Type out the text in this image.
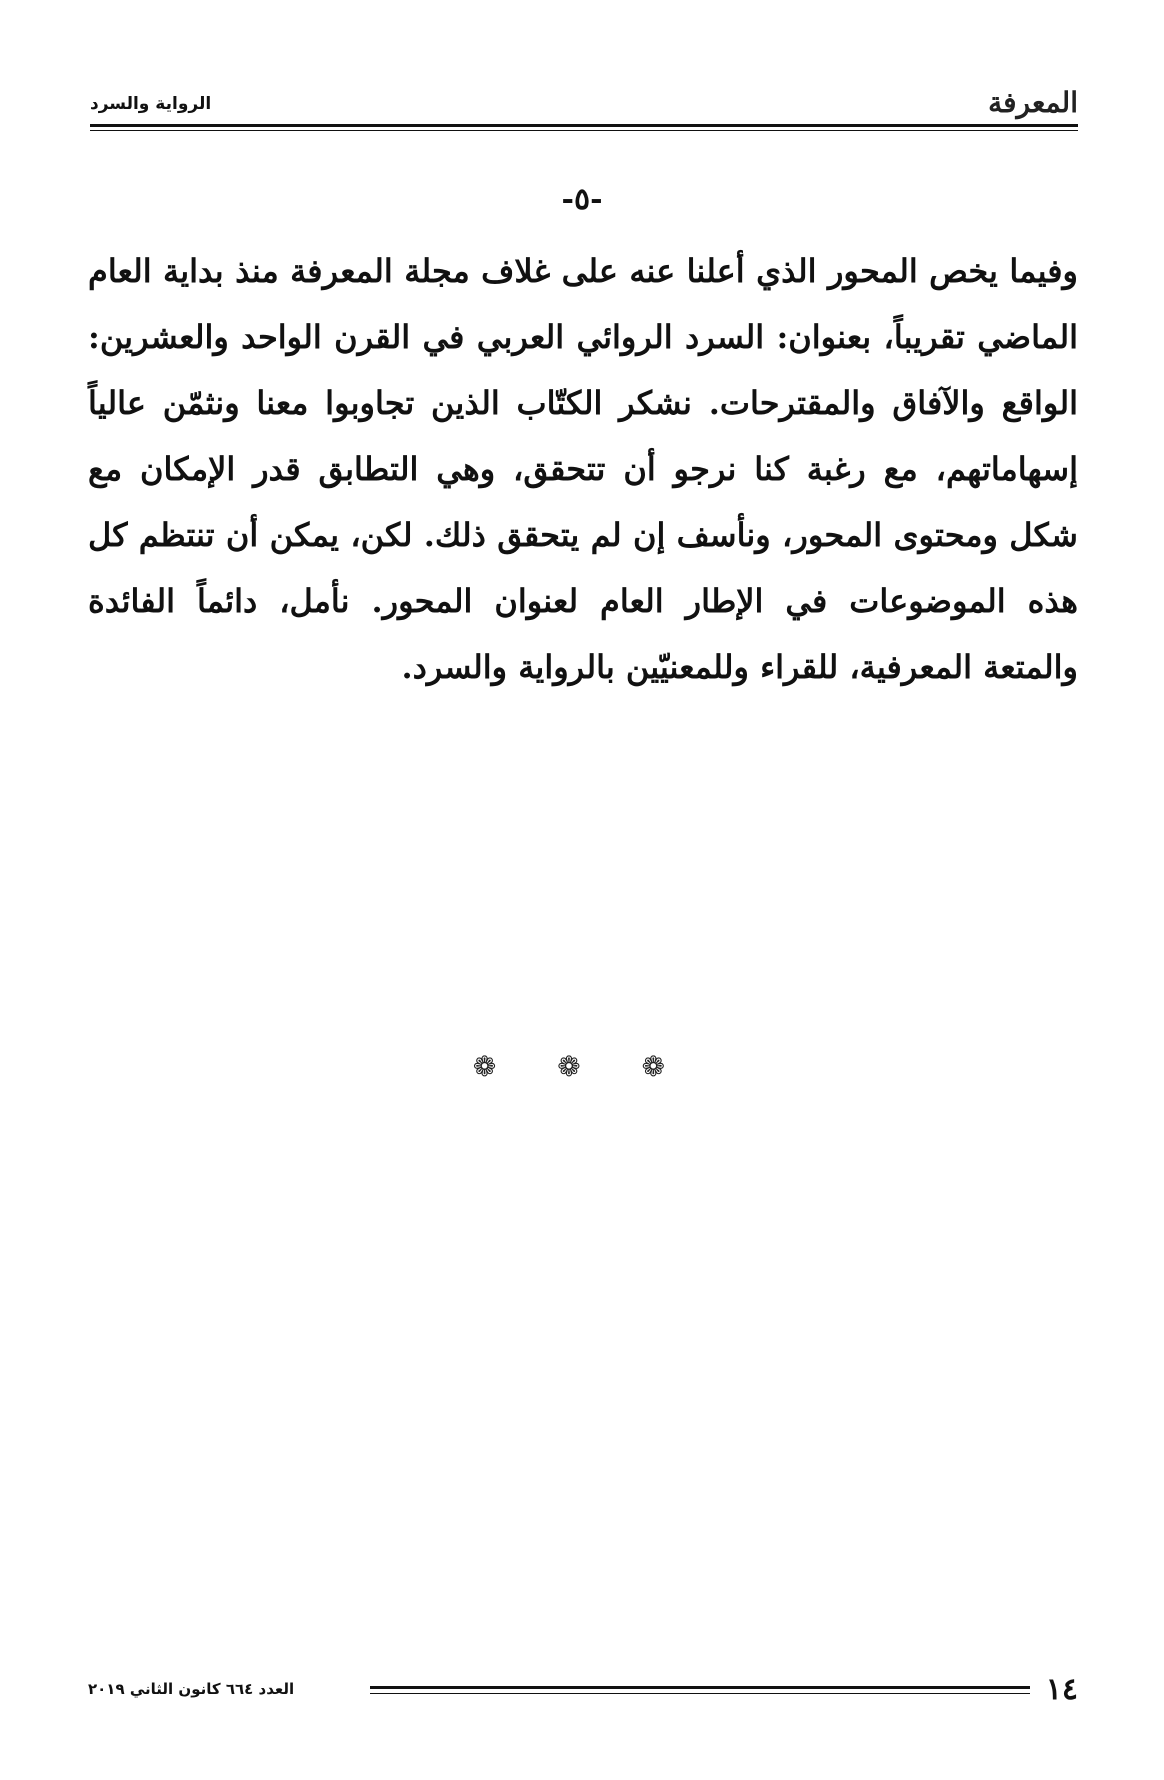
المعرفة
الرواية والسرد
-٥-

وفيما يخص المحور الذي أعلنا عنه على غلاف مجلة المعرفة منذ بداية العام الماضي تقريباً، بعنوان: السرد الروائي العربي في القرن الواحد والعشرين: الواقع والآفاق والمقترحات. نشكر الكتّاب الذين تجاوبوا معنا ونثمّن عالياً إسهاماتهم، مع رغبة كنا نرجو أن تتحقق، وهي التطابق قدر الإمكان مع شكل ومحتوى المحور، ونأسف إن لم يتحقق ذلك. لكن، يمكن أن تنتظم كل هذه الموضوعات في الإطار العام لعنوان المحور. نأمل، دائماً الفائدة والمتعة المعرفية، للقراء وللمعنيّين بالرواية والسرد.

❁ ❁ ❁
١٤
العدد ٦٦٤ كانون الثاني ٢٠١٩
